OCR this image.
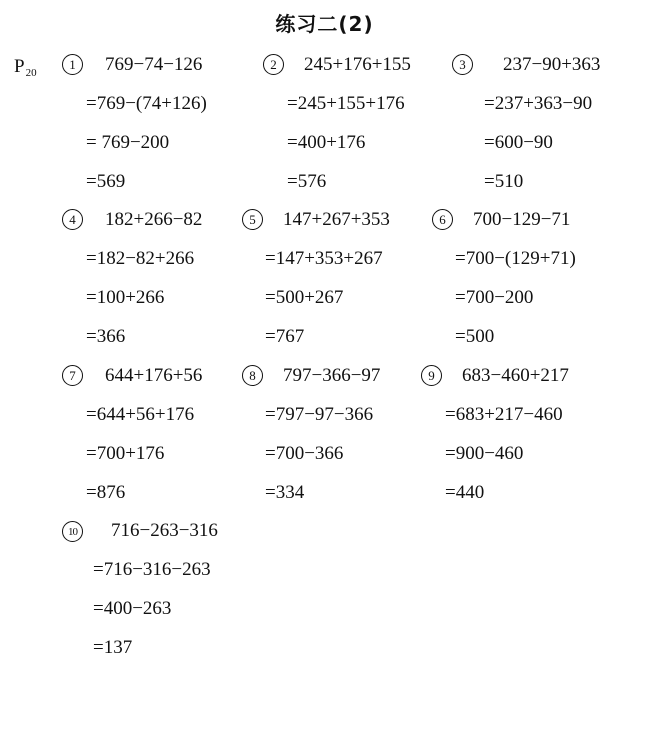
练习二(2)
$P_{20}$
1 769−74−126
=769−(74+126)
= 769−200
=569
2 245+176+155
=245+155+176
=400+176
=576
3 237−90+363
=237+363−90
=600−90
=510
4 182+266−82
=182−82+266
=100+266
=366
5 147+267+353
=147+353+267
=500+267
=767
6 700−129−71
=700−(129+71)
=700−200
=500
7 644+176+56
=644+56+176
=700+176
=876
8 797−366−97
=797−97−366
=700−366
=334
9 683−460+217
=683+217−460
=900−460
=440
10 716−263−316
=716−316−263
=400−263
=137
